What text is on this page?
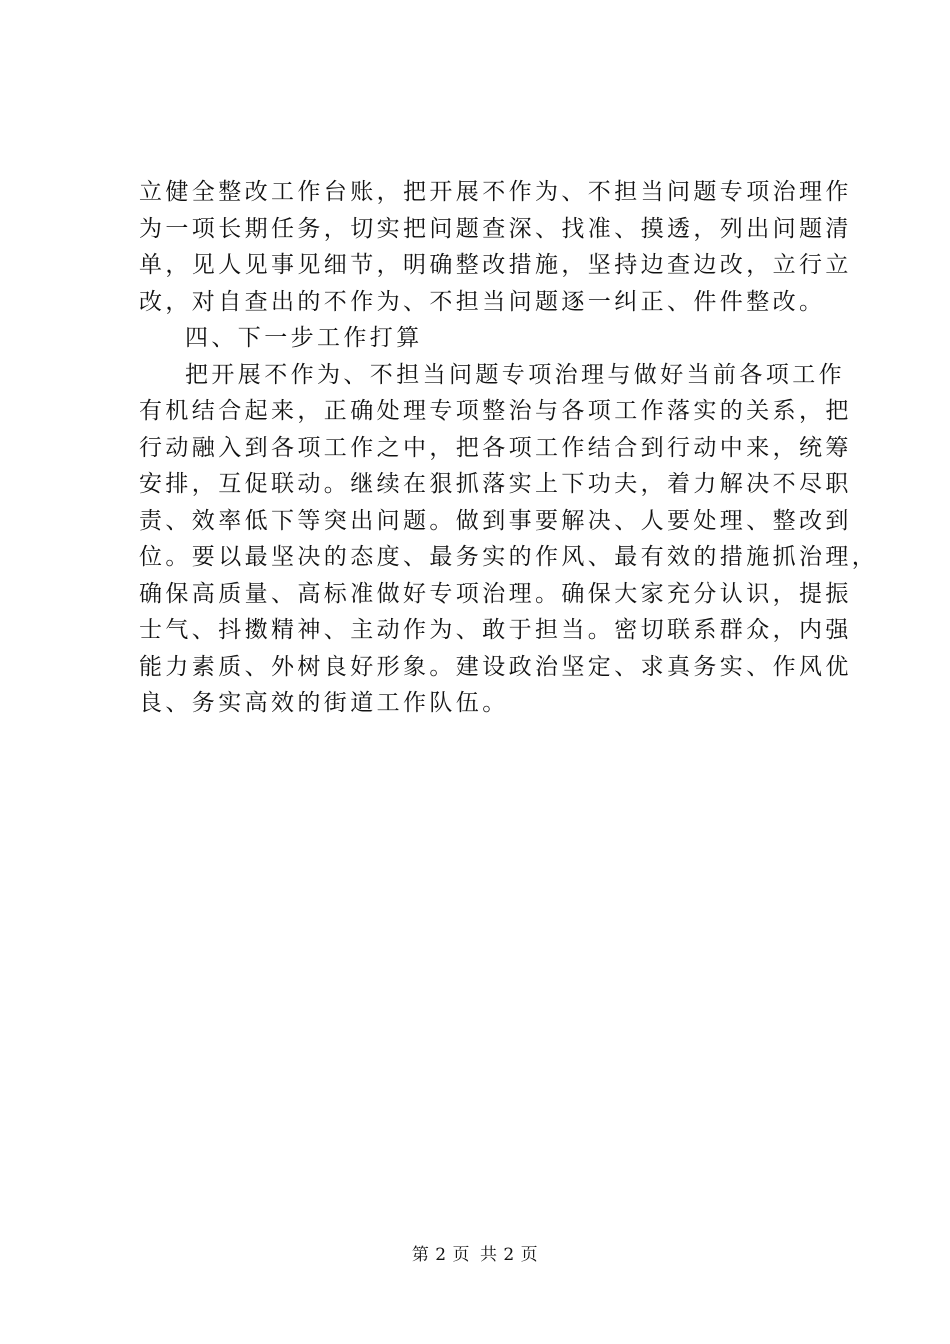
立健全整改工作台账，把开展不作为、不担当问题专项治理作
为一项长期任务，切实把问题查深、找准、摸透，列出问题清
单，见人见事见细节，明确整改措施，坚持边查边改，立行立
改，对自查出的不作为、不担当问题逐一纠正、件件整改。
四、下一步工作打算
把开展不作为、不担当问题专项治理与做好当前各项工作
有机结合起来，正确处理专项整治与各项工作落实的关系，把
行动融入到各项工作之中，把各项工作结合到行动中来，统筹
安排，互促联动。继续在狠抓落实上下功夫，着力解决不尽职
责、效率低下等突出问题。做到事要解决、人要处理、整改到
位。要以最坚决的态度、最务实的作风、最有效的措施抓治理，
确保高质量、高标准做好专项治理。确保大家充分认识，提振
士气、抖擞精神、主动作为、敢于担当。密切联系群众，内强
能力素质、外树良好形象。建设政治坚定、求真务实、作风优
良、务实高效的街道工作队伍。
第 2 页 共 2 页
